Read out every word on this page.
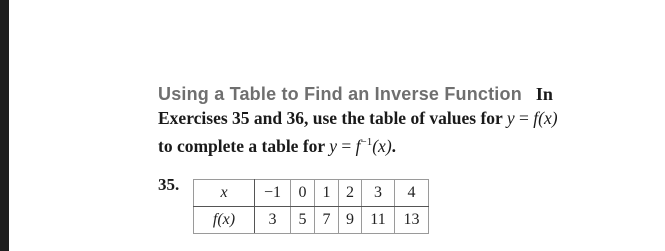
Using a Table to Find an Inverse Function In
Exercises 35 and 36, use the table of values for y = f(x)
to complete a table for $y = f^{-1}(x)$.
35.	x	−1	0	1	2	3	4
f(x)	3	5	7	9	11	13
